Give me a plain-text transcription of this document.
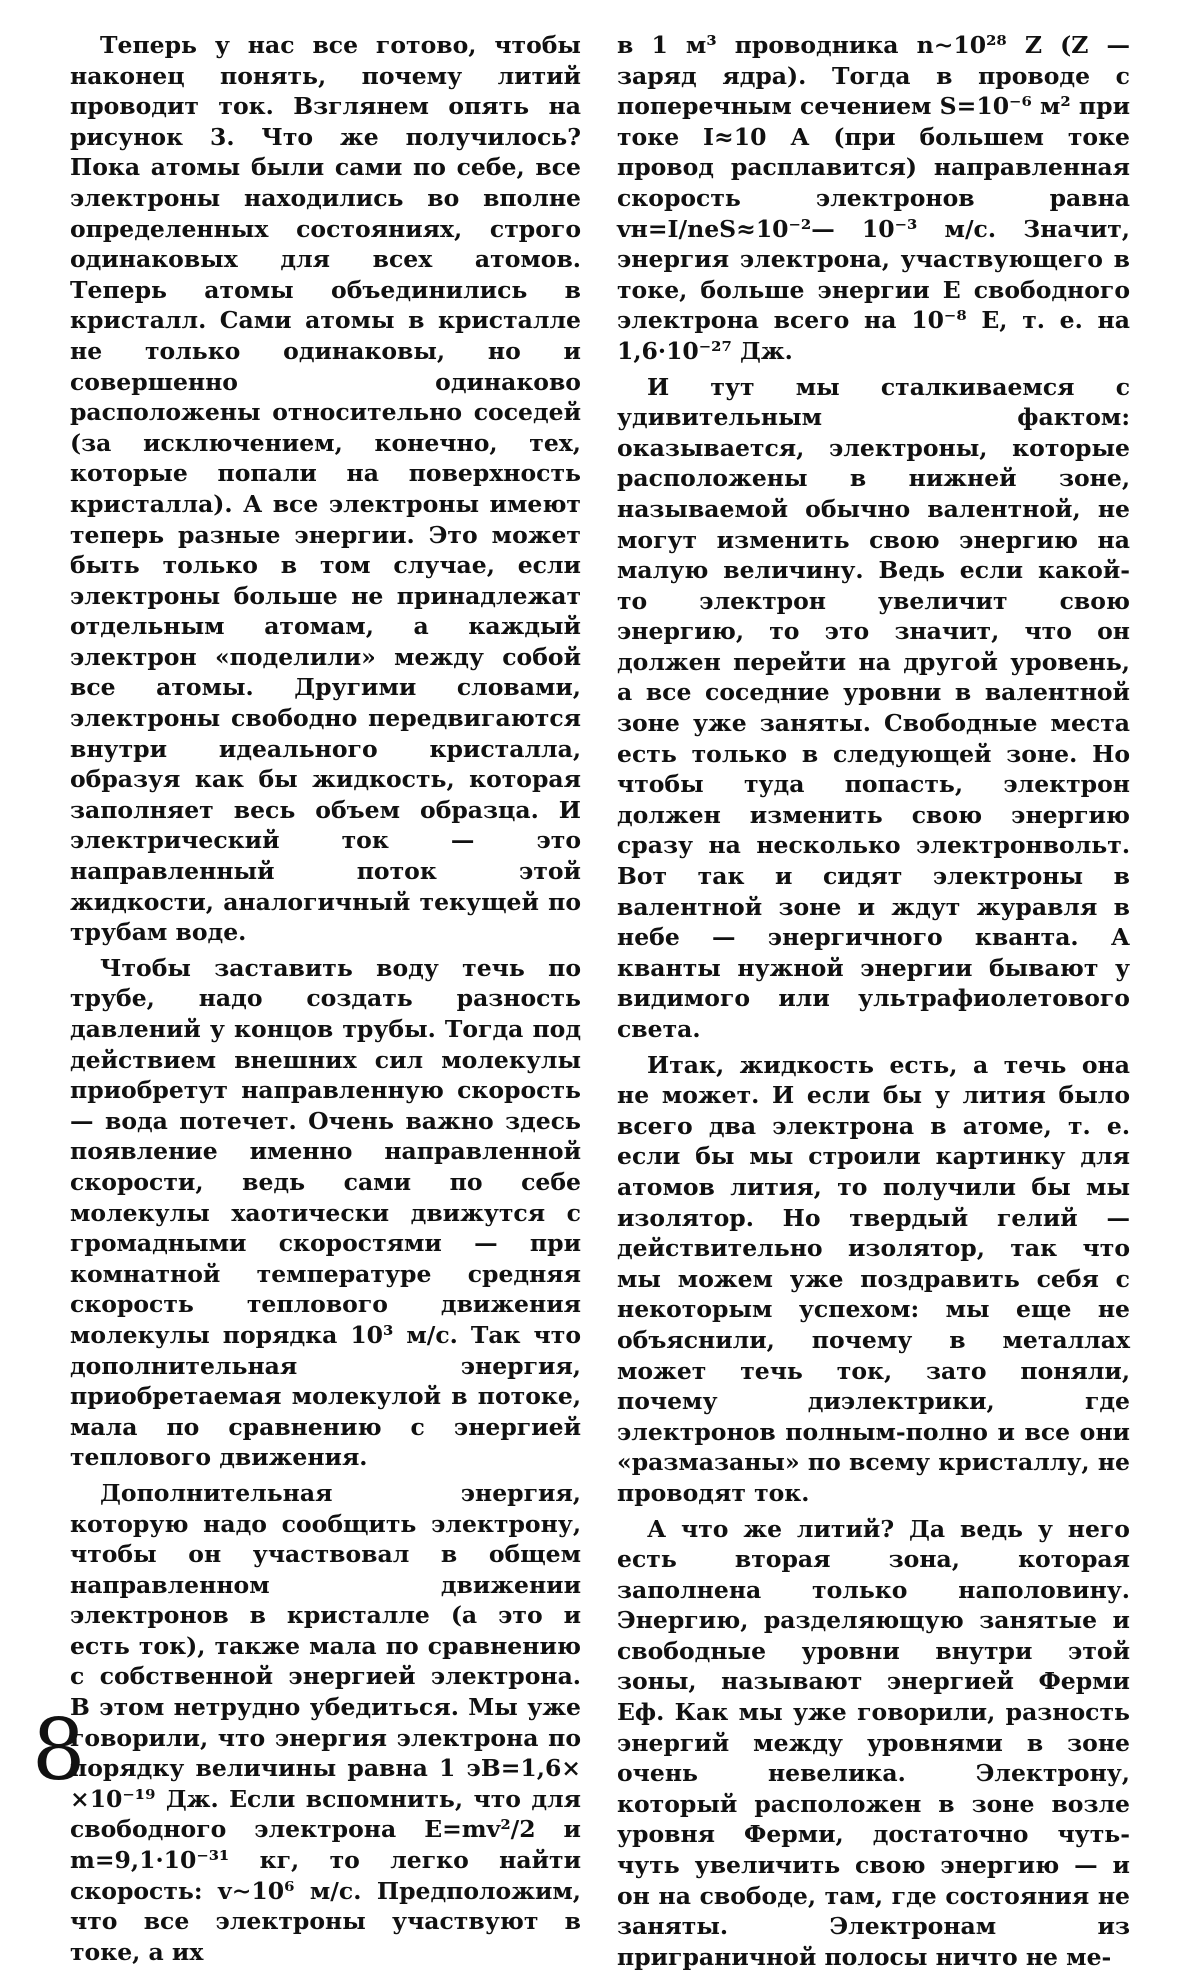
Теперь у нас все готово, чтобы наконец понять, почему литий проводит ток. Взглянем опять на рисунок 3. Что же получилось? Пока атомы были сами по себе, все электроны находились во вполне определенных состояниях, строго одинаковых для всех атомов. Теперь атомы объединились в кристалл. Сами атомы в кристалле не только одинаковы, но и совершенно одинаково расположены относительно соседей (за исключением, конечно, тех, которые попали на поверхность кристалла). А все электроны имеют теперь разные энергии. Это может быть только в том случае, если электроны больше не принадлежат отдельным атомам, а каждый электрон «поделили» между собой все атомы. Другими словами, электроны свободно передвигаются внутри идеального кристалла, образуя как бы жидкость, которая заполняет весь объем образца. И электрический ток — это направленный поток этой жидкости, аналогичный текущей по трубам воде.

Чтобы заставить воду течь по трубе, надо создать разность давлений у концов трубы. Тогда под действием внешних сил молекулы приобретут направленную скорость — вода потечет. Очень важно здесь появление именно направленной скорости, ведь сами по себе молекулы хаотически движутся с громадными скоростями — при комнатной температуре средняя скорость теплового движения молекулы порядка 10³ м/с. Так что дополнительная энергия, приобретаемая молекулой в потоке, мала по сравнению с энергией теплового движения.

Дополнительная энергия, которую надо сообщить электрону, чтобы он участвовал в общем направленном движении электронов в кристалле (а это и есть ток), также мала по сравнению с собственной энергией электрона. В этом нетрудно убедиться. Мы уже говорили, что энергия электрона по порядку величины равна 1 эВ=1,6× ×10⁻¹⁹ Дж. Если вспомнить, что для свободного электрона E=mv²/2 и m=9,1·10⁻³¹ кг, то легко найти скорость: v∼10⁶ м/с. Предположим, что все электроны участвуют в токе, а их

в 1 м³ проводника n∼10²⁸ Z (Z — заряд ядра). Тогда в проводе с поперечным сечением S=10⁻⁶ м² при токе I≈10 А (при большем токе провод расплавится) направленная скорость электронов равна vн=I/neS≈10⁻²— 10⁻³ м/с. Значит, энергия электрона, участвующего в токе, больше энергии E свободного электрона всего на 10⁻⁸ E, т. е. на 1,6·10⁻²⁷ Дж.

И тут мы сталкиваемся с удивительным фактом: оказывается, электроны, которые расположены в нижней зоне, называемой обычно валентной, не могут изменить свою энергию на малую величину. Ведь если какой-то электрон увеличит свою энергию, то это значит, что он должен перейти на другой уровень, а все соседние уровни в валентной зоне уже заняты. Свободные места есть только в следующей зоне. Но чтобы туда попасть, электрон должен изменить свою энергию сразу на несколько электронвольт. Вот так и сидят электроны в валентной зоне и ждут журавля в небе — энергичного кванта. А кванты нужной энергии бывают у видимого или ультрафиолетового света.

Итак, жидкость есть, а течь она не может. И если бы у лития было всего два электрона в атоме, т. е. если бы мы строили картинку для атомов лития, то получили бы мы изолятор. Но твердый гелий — действительно изолятор, так что мы можем уже поздравить себя с некоторым успехом: мы еще не объяснили, почему в металлах может течь ток, зато поняли, почему диэлектрики, где электронов полным-полно и все они «размазаны» по всему кристаллу, не проводят ток.

А что же литий? Да ведь у него есть вторая зона, которая заполнена только наполовину. Энергию, разделяющую занятые и свободные уровни внутри этой зоны, называют энергией Ферми Eф. Как мы уже говорили, разность энергий между уровнями в зоне очень невелика. Электрону, который расположен в зоне возле уровня Ферми, достаточно чуть-чуть увеличить свою энергию — и он на свободе, там, где состояния не заняты. Электронам из приграничной полосы ничто не ме-

8
